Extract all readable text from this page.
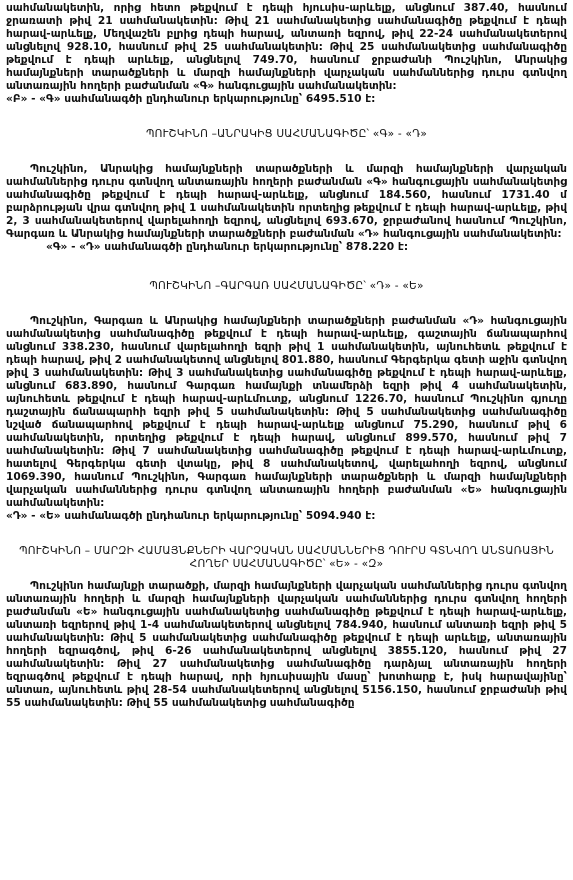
սահմանակետին, որից հետո թեքվում է դեպի հյուսիս-արևելք, անցնում 387.40, հասնում ջրառատի թիվ 21 սահմանակետին: Թիվ 21 սահմանակետից սահմանագիծը թեքվում է դեպի հարավ-արևելք, Մեղվաշեն բլրից դեպի հարավ, անտառի եզրով, թիվ 22-24 սահմանակետերով անցնելով 928.10, հասնում թիվ 25 սահմանակետին: Թիվ 25 սահմանակետից սահմանագիծը թեքվում է դեպի արևելք, անցնելով 749.70, հասնում ջրբաժանի Պուշկինո, Անրակից համայնքների տարածքների և մարզի համայնքների վարչական սահմաններից դուրս գտնվող անտառային հողերի բաժանման «Գ» հանգուցային սահմանակետին:

«Բ» - «Գ» սահմանագծի ընդհանուր երկարությունը՝ 6495.510 է:

ՊՈՒՇԿԻՆՈ –ԱՆՐԱԿԻՑ ՍԱՀՄԱՆԱԳԻԾԸ՝ «Գ» - «Դ»

Պուշկինո, Անրակից համայնքների տարածքների և մարզի համայնքների վարչական սահմաններից դուրս գտնվող անտառային հողերի բաժանման «Գ» հանգուցային սահմանակետից սահմանագիծը թեքվում է դեպի հարավ-արևելք, անցնում 184.560, հասնում 1731.40 մ բարձրության վրա գտնվող թիվ 1 սահմանակետին որտեղից թեքվում է դեպի հարավ-արևելք, թիվ 2, 3 սահմանակետերով վարելահողի եզրով, անցնելով 693.670, ջրբաժանով հասնում Պուշկինո, Գարգառ և Անրակից համայնքների տարածքների բաժանման «Դ» հանգուցային սահմանակետին:

«Գ» - «Դ» սահմանագծի ընդհանուր երկարությունը՝ 878.220 է:

ՊՈՒՇԿԻՆՈ –ԳԱՐԳԱՌ ՍԱՀՄԱՆԱԳԻԾԸ՝ «Դ» - «Ե»

Պուշկինո, Գարգառ և Անրակից համայնքների տարածքների բաժանման «Դ» հանգուցային սահմանակետից սահմանագիծը թեքվում է դեպի հարավ-արևելք, գաշտային ճանապարհով անցնում 338.230, հասնում վարելահողի եզրի թիվ 1 սահմանակետին, այնուհետև թեքվում է դեպի հարավ, թիվ 2 սահմանակետով անցնելով 801.880, հասնում Գերգերկա գետի աջին գտնվող թիվ 3 սահմանակետին: Թիվ 3 սահմանակետից սահմանագիծը թեքվում է դեպի հարավ-արևելք, անցնում 683.890, հասնում Գարգառ համայնքի տնամերձի եզրի թիվ 4 սահմանակետին, այնուհետև թեքվում է դեպի հարավ-արևմուտք, անցնում 1226.70, հասնում Պուշկինո գյուղը դաշտային ճանապարհի եզրի թիվ 5 սահմանակետին: Թիվ 5 սահմանակետից սահմանագիծը նշված ճանապարհով թեքվում է դեպի հարավ-արևելք անցնում 75.290, հասնում թիվ 6 սահմանակետին, որտեղից թեքվում է դեպի հարավ, անցնում 899.570, հասնում թիվ 7 սահմանակետին: Թիվ 7 սահմանակետից սահմանագիծը թեքվում է դեպի հարավ-արևմուտք, հատելով Գերգերկա գետի վտակը, թիվ 8 սահմանակետով, վարելահողի եզրով, անցնում 1069.390, հասնում Պուշկինո, Գարգառ համայնքների տարածքների և մարզի համայնքների վարչական սահմաններից դուրս գտնվող անտառային հողերի բաժանման «Ե» հանգուցային սահմանակետին:

«Դ» - «Ե» սահմանագծի ընդհանուր երկարությունը՝ 5094.940 է:

ՊՈՒՇԿԻՆՈ – ՄԱՐԶԻ ՀԱՄԱՅՆՔՆԵՐԻ ՎԱՐՉԱԿԱՆ ՍԱՀՄԱՆՆԵՐԻՑ ԴՈՒՐՍ ԳՏՆՎՈՂ ԱՆՏԱՌԱՅԻՆ ՀՈՂԵՐ ՍԱՀՄԱՆԱԳԻԾԸ՝ «Ե» - «Զ»

Պուշկինո համայնքի տարածքի, մարզի համայնքների վարչական սահմաններից դուրս գտնվող անտառային հողերի և մարզի համայնքների վարչական սահմաններից դուրս գտնվող հողերի բաժանման «Ե» հանգուցային սահմանակետից սահմանագիծը թեքվում է դեպի հարավ-արևելք, անտառի եզրերով թիվ 1-4 սահմանակետերով անցնելով 784.940, հասնում անտառի եզրի թիվ 5 սահմանակետին: Թիվ 5 սահմանակետից սահմանագիծը թեքվում է դեպի արևելք, անտառային հողերի եզրագծով, թիվ 6-26 սահմանակետերով անցնելով 3855.120, հասնում թիվ 27 սահմանակետին: Թիվ 27 սահմանակետից սահմանագիծը դարձյալ անտառային հողերի եզրագծով թեքվում է դեպի հարավ, որի հյուսիսային մասը՝ խոտհարք է, իսկ հարավայինը՝ անտառ, այնուհետև թիվ 28-54 սահմանակետերով անցնելով 5156.150, հասնում ջրբաժանի թիվ 55 սահմանակետին: Թիվ 55 սահմանակետից սահմանագիծը
